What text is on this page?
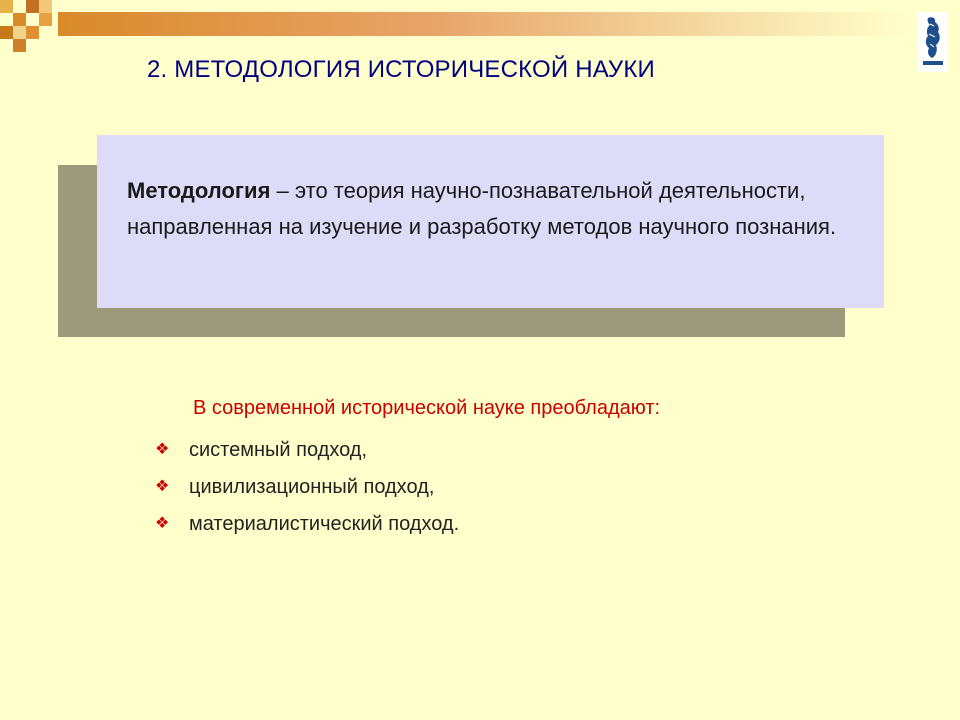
2. МЕТОДОЛОГИЯ ИСТОРИЧЕСКОЙ НАУКИ
Методология – это теория научно-познавательной деятельности, направленная на изучение и разработку методов научного познания.
В современной исторической науке преобладают:
❖ системный подход,
❖ цивилизационный подход,
❖ материалистический подход.
